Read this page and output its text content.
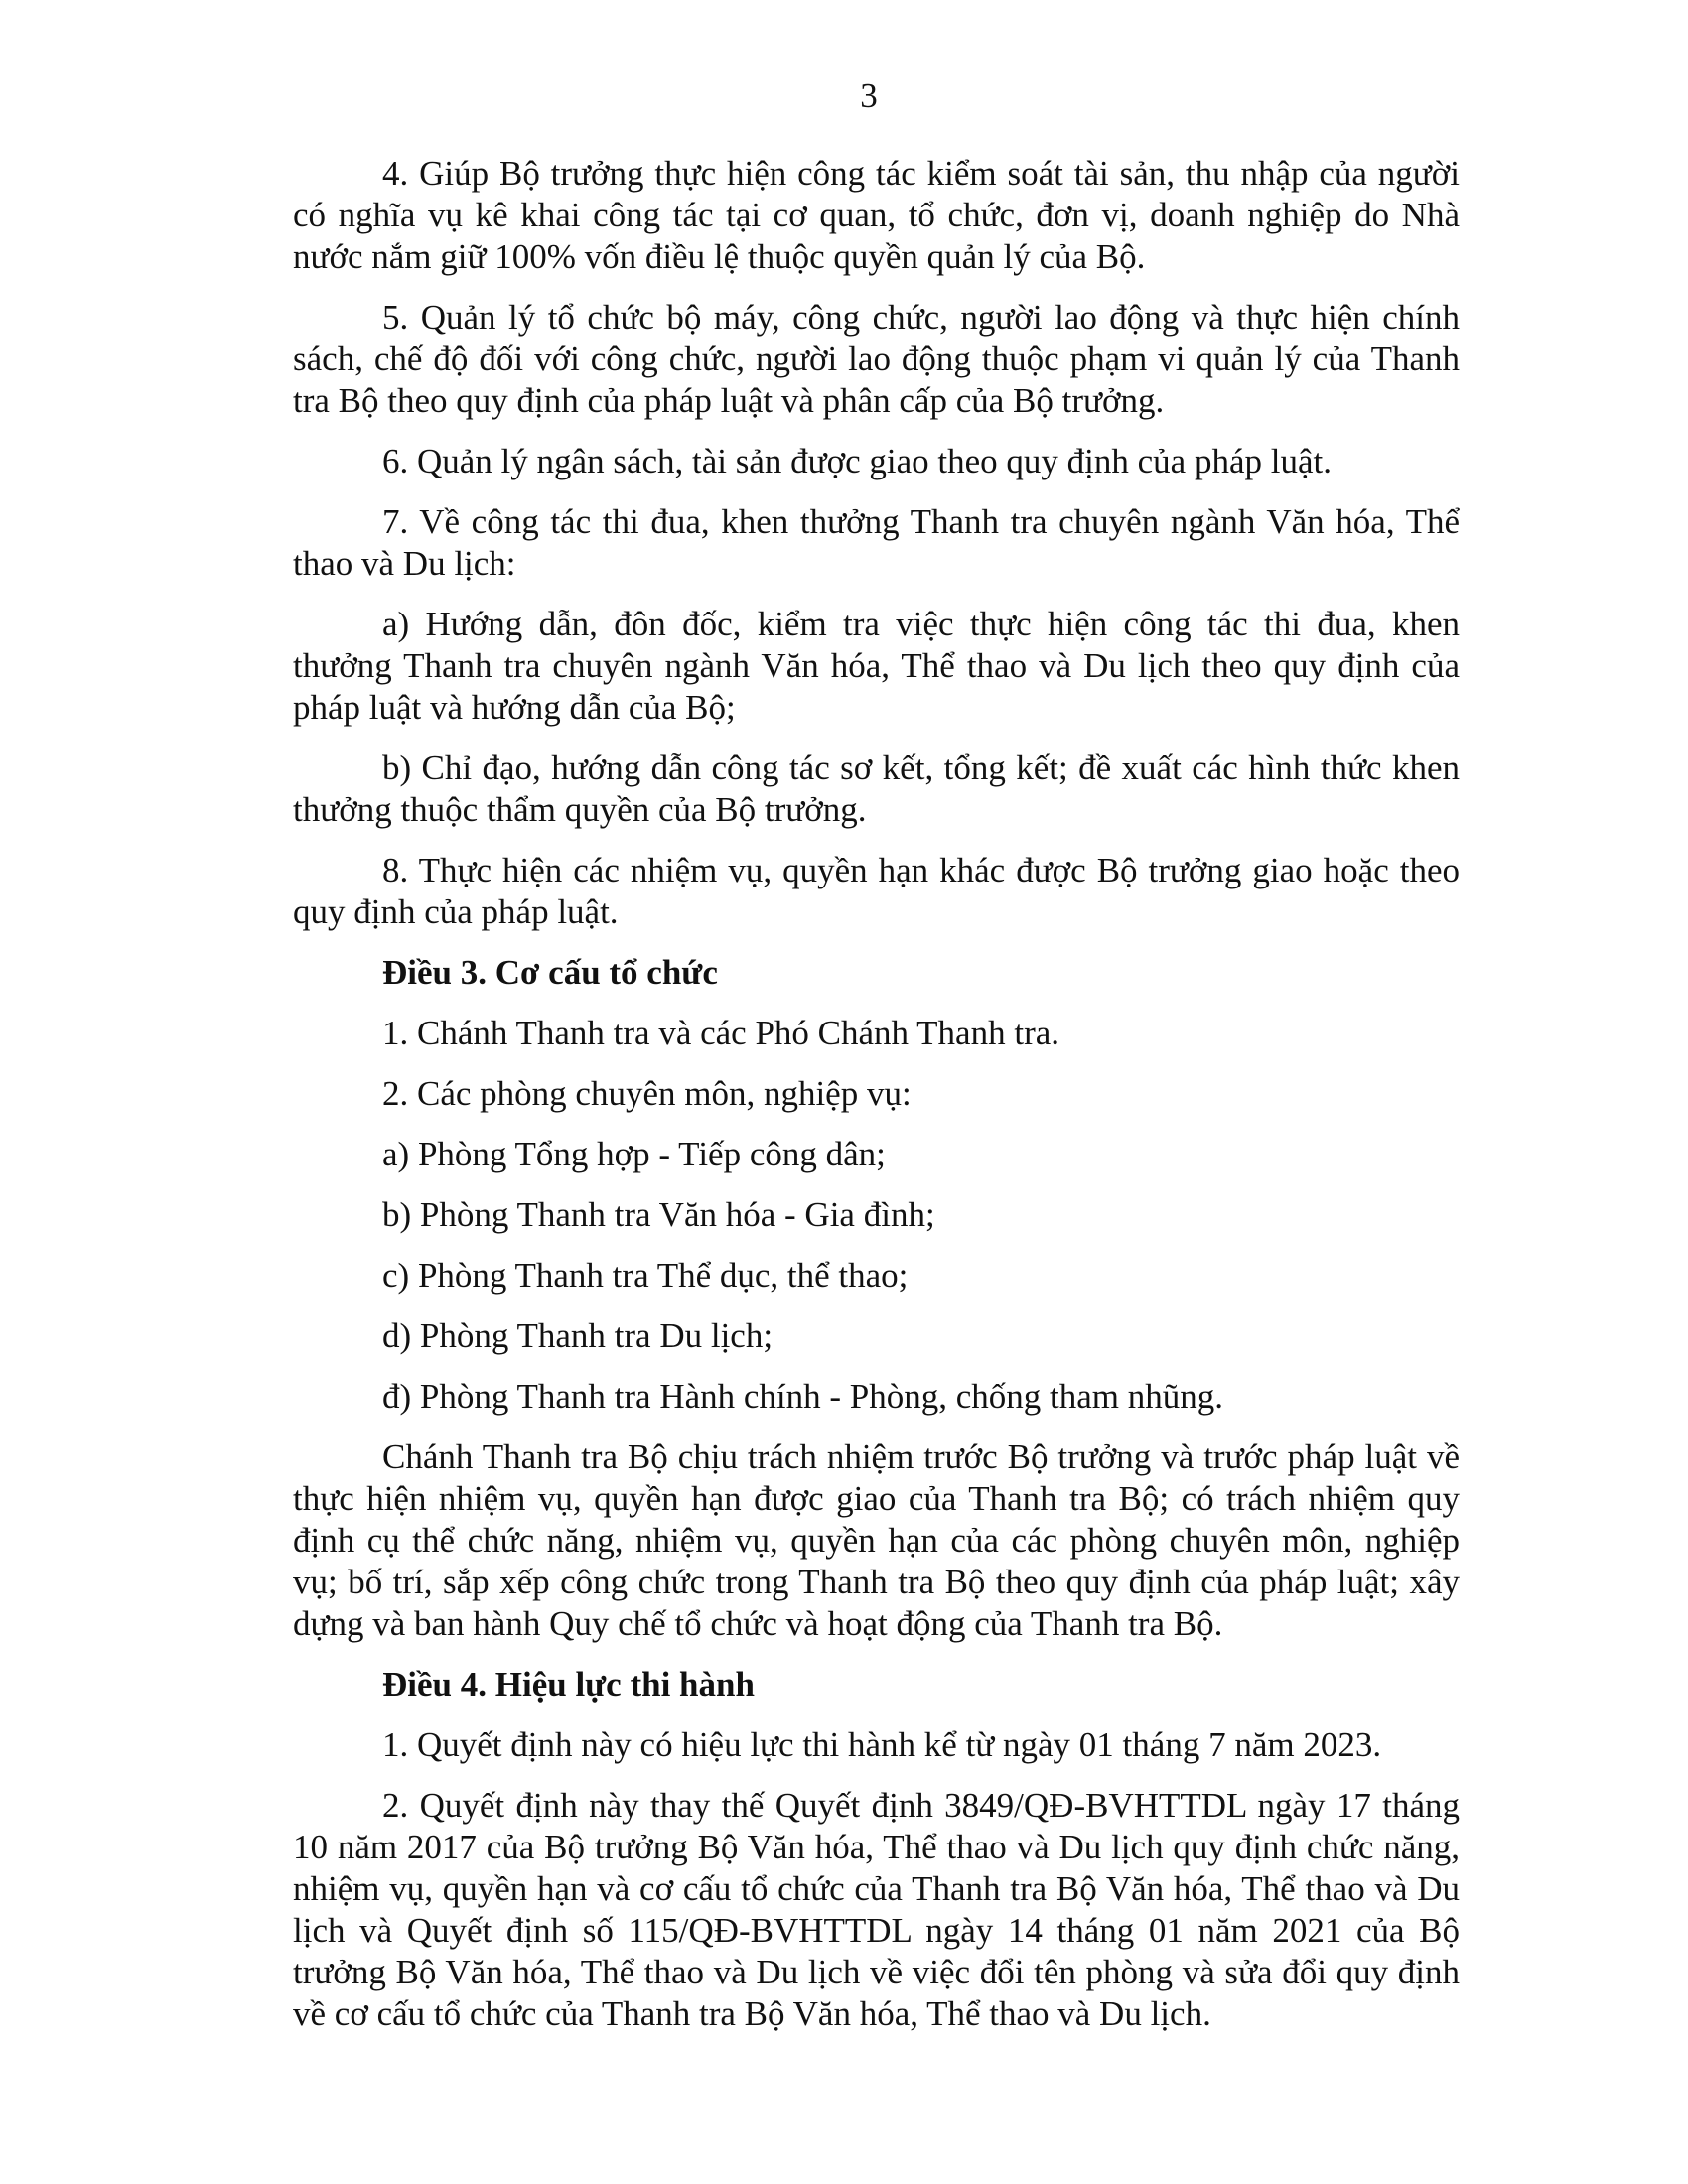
3

4. Giúp Bộ trưởng thực hiện công tác kiểm soát tài sản, thu nhập của người có nghĩa vụ kê khai công tác tại cơ quan, tổ chức, đơn vị, doanh nghiệp do Nhà nước nắm giữ 100% vốn điều lệ thuộc quyền quản lý của Bộ.

5. Quản lý tổ chức bộ máy, công chức, người lao động và thực hiện chính sách, chế độ đối với công chức, người lao động thuộc phạm vi quản lý của Thanh tra Bộ theo quy định của pháp luật và phân cấp của Bộ trưởng.

6. Quản lý ngân sách, tài sản được giao theo quy định của pháp luật.

7. Về công tác thi đua, khen thưởng Thanh tra chuyên ngành Văn hóa, Thể thao và Du lịch:

a) Hướng dẫn, đôn đốc, kiểm tra việc thực hiện công tác thi đua, khen thưởng Thanh tra chuyên ngành Văn hóa, Thể thao và Du lịch theo quy định của pháp luật và hướng dẫn của Bộ;

b) Chỉ đạo, hướng dẫn công tác sơ kết, tổng kết; đề xuất các hình thức khen thưởng thuộc thẩm quyền của Bộ trưởng.

8. Thực hiện các nhiệm vụ, quyền hạn khác được Bộ trưởng giao hoặc theo quy định của pháp luật.

Điều 3. Cơ cấu tổ chức

1. Chánh Thanh tra và các Phó Chánh Thanh tra.

2. Các phòng chuyên môn, nghiệp vụ:

a) Phòng Tổng hợp - Tiếp công dân;

b) Phòng Thanh tra Văn hóa - Gia đình;

c) Phòng Thanh tra Thể dục, thể thao;

d) Phòng Thanh tra Du lịch;

đ) Phòng Thanh tra Hành chính - Phòng, chống tham nhũng.

Chánh Thanh tra Bộ chịu trách nhiệm trước Bộ trưởng và trước pháp luật về thực hiện nhiệm vụ, quyền hạn được giao của Thanh tra Bộ; có trách nhiệm quy định cụ thể chức năng, nhiệm vụ, quyền hạn của các phòng chuyên môn, nghiệp vụ; bố trí, sắp xếp công chức trong Thanh tra Bộ theo quy định của pháp luật; xây dựng và ban hành Quy chế tổ chức và hoạt động của Thanh tra Bộ.

Điều 4. Hiệu lực thi hành

1. Quyết định này có hiệu lực thi hành kể từ ngày 01 tháng 7 năm 2023.

2. Quyết định này thay thế Quyết định 3849/QĐ-BVHTTDL ngày 17 tháng 10 năm 2017 của Bộ trưởng Bộ Văn hóa, Thể thao và Du lịch quy định chức năng, nhiệm vụ, quyền hạn và cơ cấu tổ chức của Thanh tra Bộ Văn hóa, Thể thao và Du lịch và Quyết định số 115/QĐ-BVHTTDL ngày 14 tháng 01 năm 2021 của Bộ trưởng Bộ Văn hóa, Thể thao và Du lịch về việc đổi tên phòng và sửa đổi quy định về cơ cấu tổ chức của Thanh tra Bộ Văn hóa, Thể thao và Du lịch.
